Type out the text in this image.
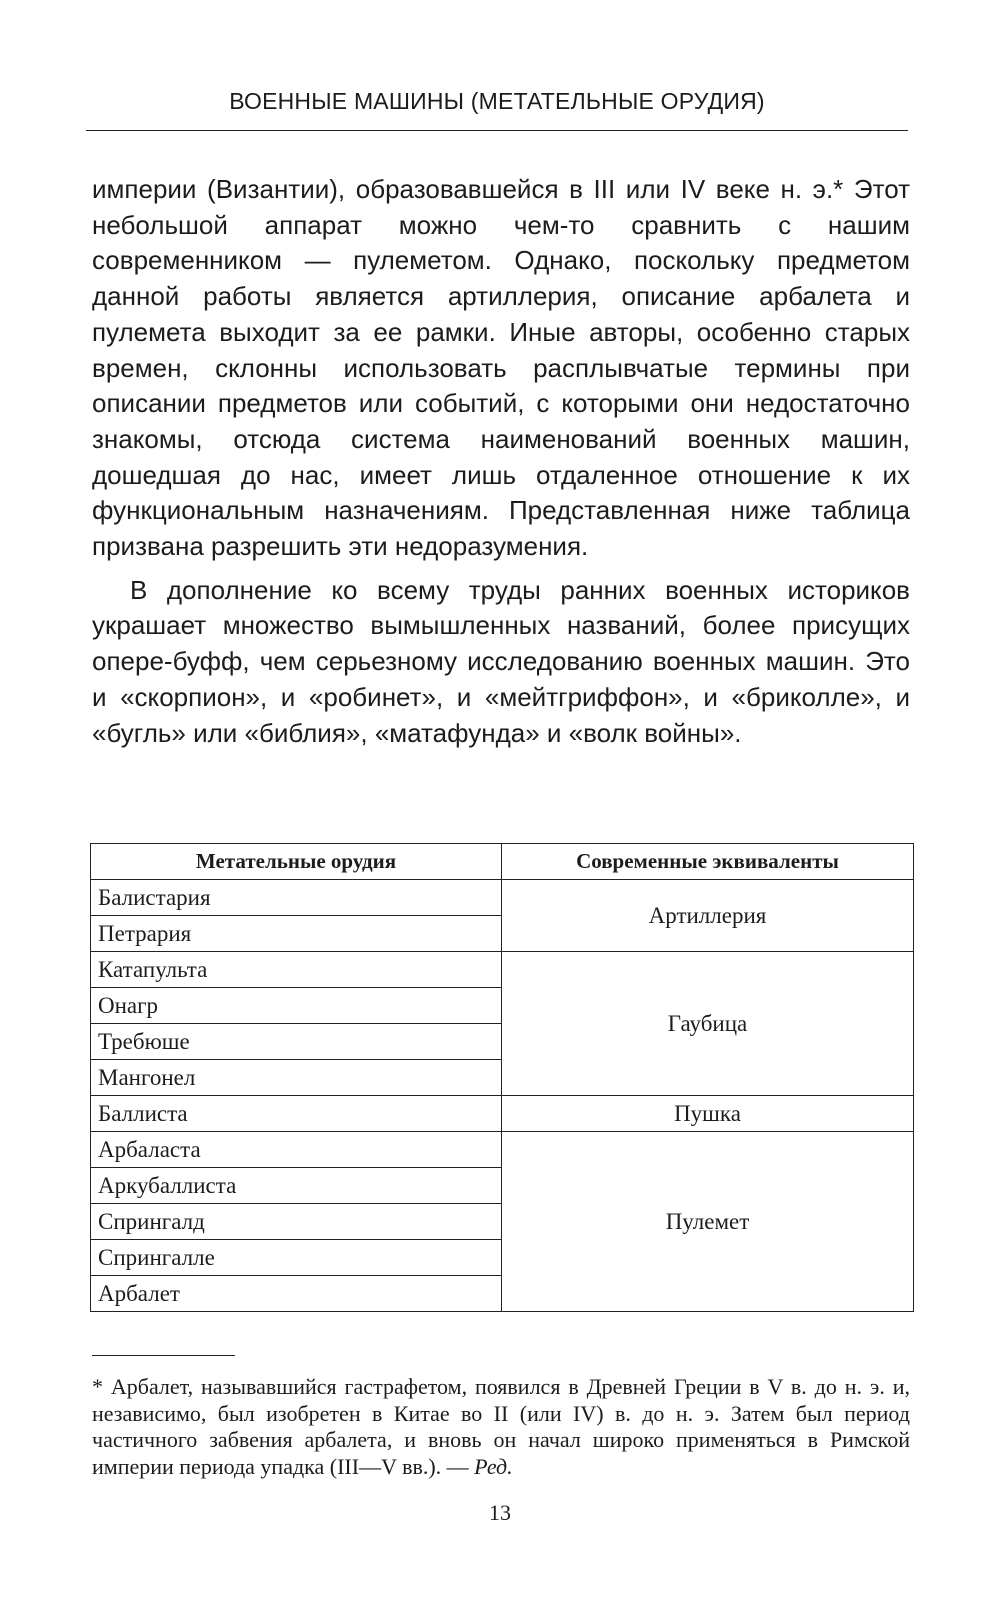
ВОЕННЫЕ МАШИНЫ (МЕТАТЕЛЬНЫЕ ОРУДИЯ)

империи (Византии), образовавшейся в III или IV веке н. э.* Этот небольшой аппарат можно чем-то сравнить с нашим современником — пулеметом. Однако, поскольку предметом данной работы является артиллерия, описание арбалета и пулемета выходит за ее рамки. Иные авторы, особенно старых времен, склонны использовать расплывчатые термины при описании предметов или событий, с которыми они недостаточно знакомы, отсюда система наименований военных машин, дошедшая до нас, имеет лишь отдаленное отношение к их функциональным назначениям. Представленная ниже таблица призвана разрешить эти недоразумения.

В дополнение ко всему труды ранних военных историков украшает множество вымышленных названий, более присущих опере-буфф, чем серьезному исследованию военных машин. Это и «скорпион», и «робинет», и «мейтгриффон», и «бриколле», и «бугль» или «библия», «матафунда» и «волк войны».

Метательные орудия	Современные эквиваленты
Балистария	Артиллерия
Петрария	
Катапульта	Гаубица
Онагр	
Требюше	
Мангонел	
Баллиста	Пушка
Арбаласта	Пулемет
Аркубаллиста	
Спрингалд	
Спрингалле	
Арбалет	
* Арбалет, называвшийся гастрафетом, появился в Древней Греции в V в. до н. э. и, независимо, был изобретен в Китае во II (или IV) в. до н. э. Затем был период частичного забвения арбалета, и вновь он начал широко применяться в Римской империи периода упадка (III—V вв.). — Ред.
13
